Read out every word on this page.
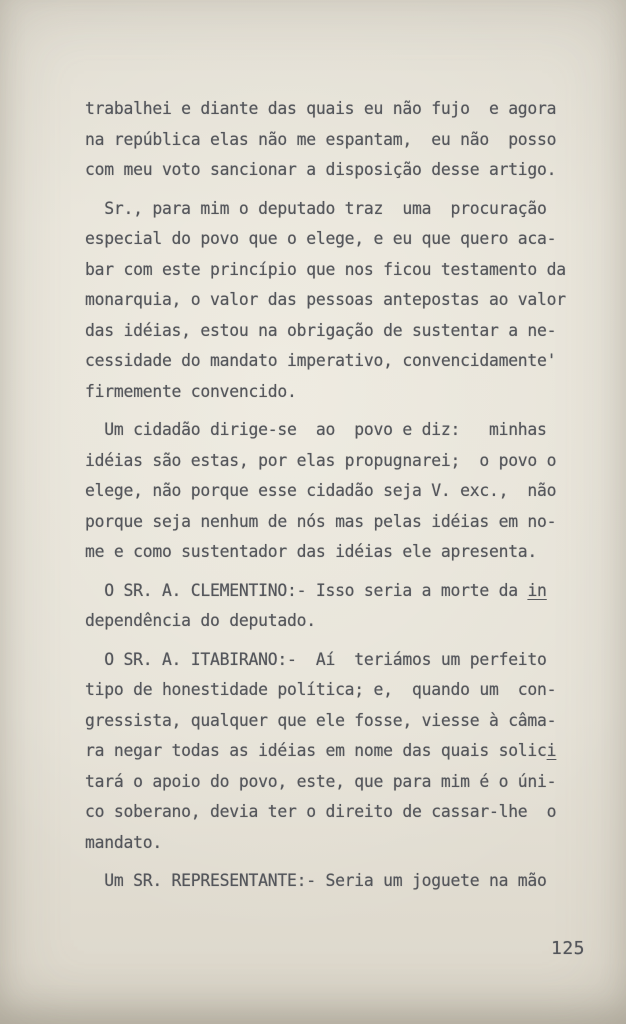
trabalhei e diante das quais eu não fujo  e agora
na república elas não me espantam,  eu não  posso
com meu voto sancionar a disposição desse artigo.
Sr., para mim o deputado traz  uma  procuração
especial do povo que o elege, e eu que quero aca-
bar com este princípio que nos ficou testamento da
monarquia, o valor das pessoas antepostas ao valor
das idéias, estou na obrigação de sustentar a ne-
cessidade do mandato imperativo, convencidamente'
firmemente convencido.
Um cidadão dirige-se  ao  povo e diz:   minhas
idéias são estas, por elas propugnarei;  o povo o
elege, não porque esse cidadão seja V. exc.,  não
porque seja nenhum de nós mas pelas idéias em no-
me e como sustentador das idéias ele apresenta.
O SR. A. CLEMENTINO:- Isso seria a morte da in
dependência do deputado.
O SR. A. ITABIRANO:-  Aí  teriámos um perfeito
tipo de honestidade política; e,  quando um  con-
gressista, qualquer que ele fosse, viesse à câma-
ra negar todas as idéias em nome das quais solici
tará o apoio do povo, este, que para mim é o úni-
co soberano, devia ter o direito de cassar-lhe  o
mandato.
Um SR. REPRESENTANTE:- Seria um joguete na mão
125
